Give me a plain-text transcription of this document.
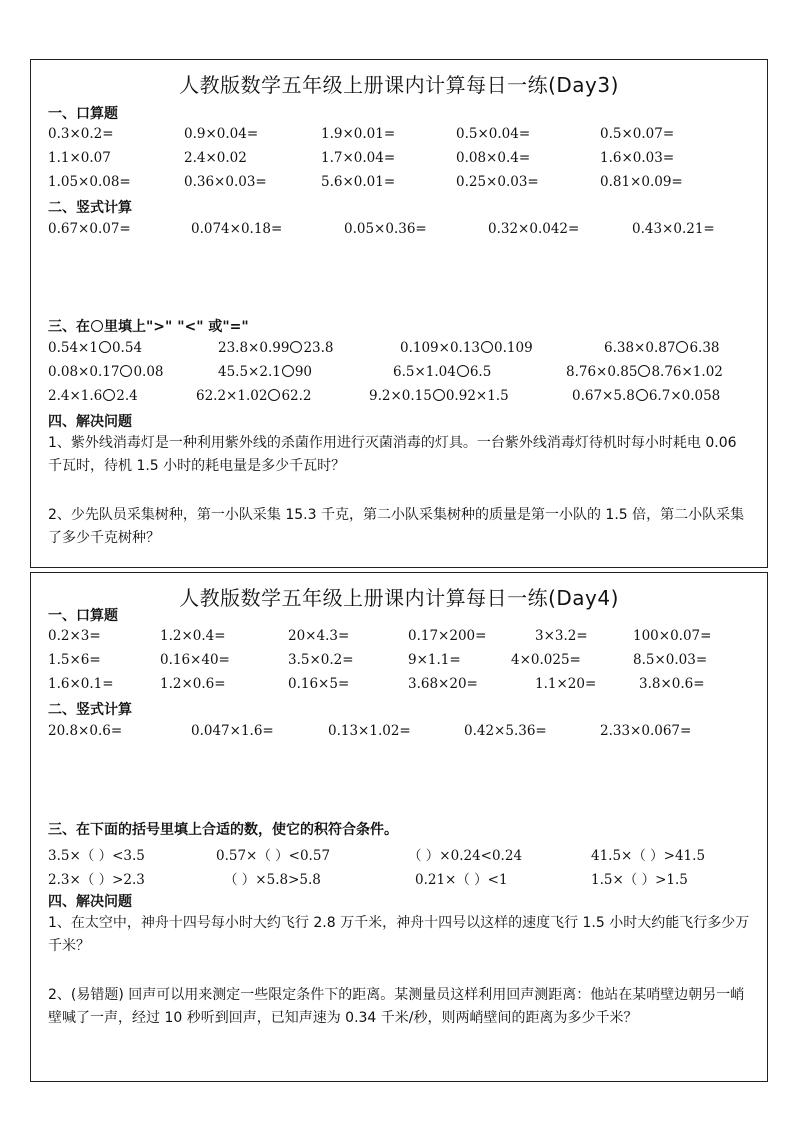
人教版数学五年级上册课内计算每日一练(Day3)
一、口算题
0.3×0.2=	0.9×0.04=	1.9×0.01=	0.5×0.04=	0.5×0.07=
1.1×0.07	2.4×0.02	1.7×0.04=	0.08×0.4=	1.6×0.03=
1.05×0.08=	0.36×0.03=	5.6×0.01=	0.25×0.03=	0.81×0.09=
二、竖式计算
0.67×0.07=	0.074×0.18=	0.05×0.36=	0.32×0.042=	0.43×0.21=
三、在 里填上">" "<" 或"="
0.54×1 0.54	23.8×0.99 23.8	0.109×0.13 0.109	6.38×0.87 6.38
0.08×0.17 0.08	45.5×2.1 90	6.5×1.04 6.5	8.76×0.85 8.76×1.02
2.4×1.6 2.4	62.2×1.02 62.2	9.2×0.15 0.92×1.5	0.67×5.8 6.7×0.058
四、解决问题
1、紫外线消毒灯是一种利用紫外线的杀菌作用进行灭菌消毒的灯具。一台紫外线消毒灯待机时每小时耗电 0.06 千瓦时，待机 1.5 小时的耗电量是多少千瓦时？
2、少先队员采集树种，第一小队采集 15.3 千克，第二小队采集树种的质量是第一小队的 1.5 倍，第二小队采集了多少千克树种？
人教版数学五年级上册课内计算每日一练(Day4)
一、口算题
0.2×3=	1.2×0.4=	20×4.3=	0.17×200=	3×3.2=	100×0.07=
1.5×6=	0.16×40=	3.5×0.2=	9×1.1=	4×0.025=	8.5×0.03=
1.6×0.1=	1.2×0.6=	0.16×5=	3.68×20=	1.1×20=	3.8×0.6=
二、竖式计算
20.8×0.6=	0.047×1.6=	0.13×1.02=	0.42×5.36=	2.33×0.067=
三、在下面的括号里填上合适的数，使它的积符合条件。
3.5×（ ）<3.5	0.57×（ ）<0.57	（ ）×0.24<0.24	41.5×（ ）>41.5
2.3×（ ）>2.3	（ ）×5.8>5.8	0.21×（ ）<1	1.5×（ ）>1.5
四、解决问题
1、在太空中，神舟十四号每小时大约飞行 2.8 万千米，神舟十四号以这样的速度飞行 1.5 小时大约能飞行多少万千米？
2、(易错题) 回声可以用来测定一些限定条件下的距离。某测量员这样利用回声测距离：他站在某哨壁边朝另一峭壁喊了一声，经过 10 秒听到回声，已知声速为 0.34 千米/秒，则两峭壁间的距离为多少千米？
